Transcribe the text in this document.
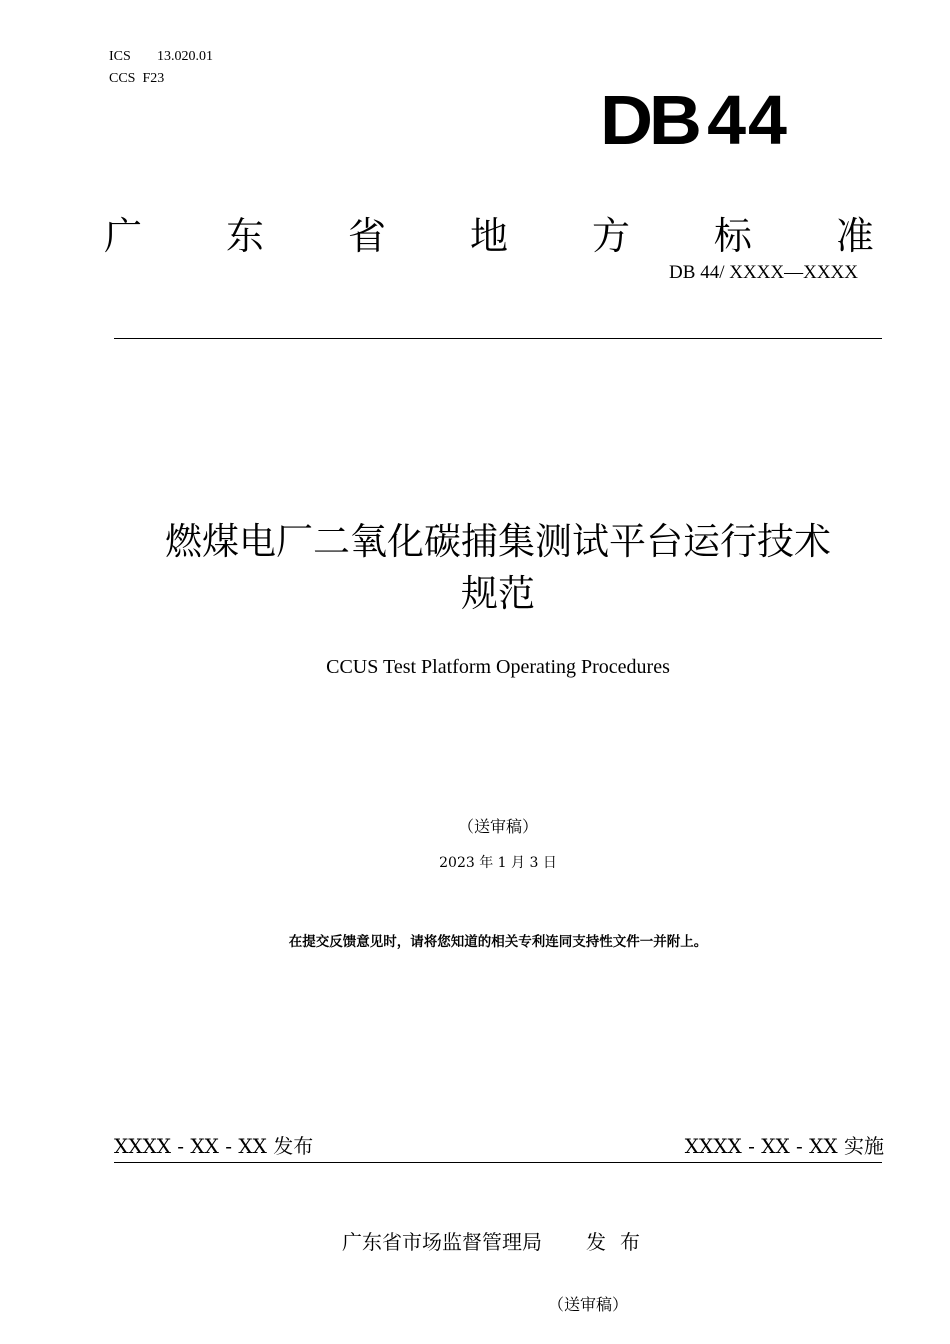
ICS 13.020.01
CCS F23
DB 44
广 东 省 地 方 标 准
DB 44/ XXXX—XXXX
燃煤电厂二氧化碳捕集测试平台运行技术
规范
CCUS Test Platform Operating Procedures
（送审稿）
2023 年 1 月 3 日
在提交反馈意见时，请将您知道的相关专利连同支持性文件一并附上。
XXXX - XX - XX 发布	XXXX - XX - XX 实施
广东省市场监督管理局 发布
（送审稿）
